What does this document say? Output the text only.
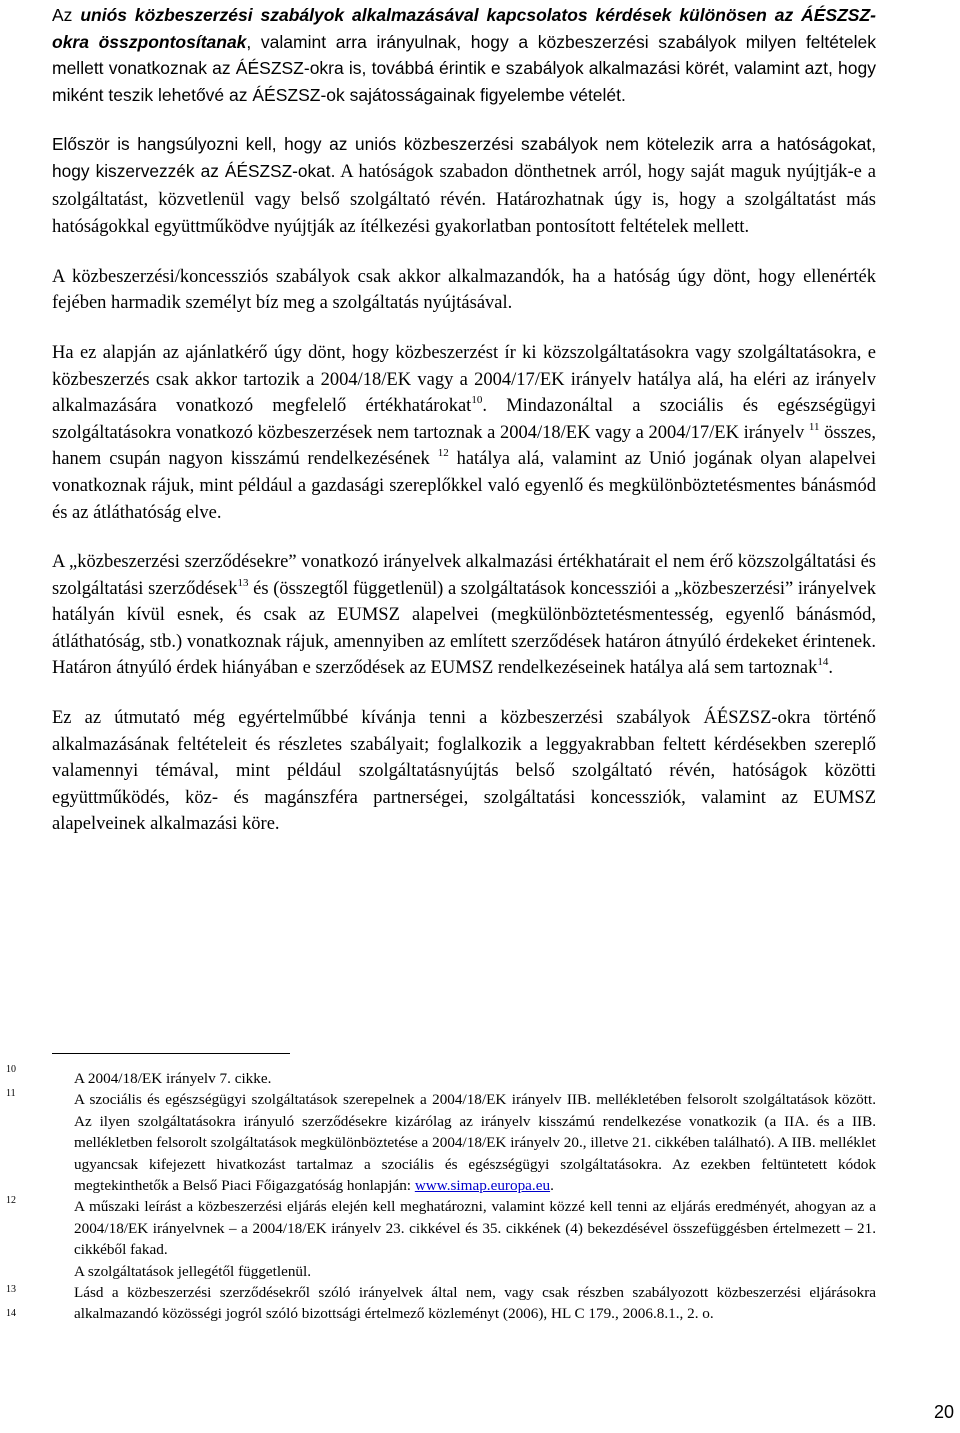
Az uniós közbeszerzési szabályok alkalmazásával kapcsolatos kérdések különösen az ÁÉSZSZ-okra összpontosítanak, valamint arra irányulnak, hogy a közbeszerzési szabályok milyen feltételek mellett vonatkoznak az ÁÉSZSZ-okra is, továbbá érintik e szabályok alkalmazási körét, valamint azt, hogy miként teszik lehetővé az ÁÉSZSZ-ok sajátosságainak figyelembe vételét.

Először is hangsúlyozni kell, hogy az uniós közbeszerzési szabályok nem kötelezik arra a hatóságokat, hogy kiszervezzék az ÁÉSZSZ-okat. A hatóságok szabadon dönthetnek arról, hogy saját maguk nyújtják-e a szolgáltatást, közvetlenül vagy belső szolgáltató révén. Határozhatnak úgy is, hogy a szolgáltatást más hatóságokkal együttműködve nyújtják az ítélkezési gyakorlatban pontosított feltételek mellett.

A közbeszerzési/koncessziós szabályok csak akkor alkalmazandók, ha a hatóság úgy dönt, hogy ellenérték fejében harmadik személyt bíz meg a szolgáltatás nyújtásával.

Ha ez alapján az ajánlatkérő úgy dönt, hogy közbeszerzést ír ki közszolgáltatásokra vagy szolgáltatásokra, e közbeszerzés csak akkor tartozik a 2004/18/EK vagy a 2004/17/EK irányelv hatálya alá, ha eléri az irányelv alkalmazására vonatkozó megfelelő értékhatárokat$^{10}$. Mindazonáltal a szociális és egészségügyi szolgáltatásokra vonatkozó közbeszerzések nem tartoznak a 2004/18/EK vagy a 2004/17/EK irányelv $^{11}$ összes, hanem csupán nagyon kisszámú rendelkezésének $^{12}$ hatálya alá, valamint az Unió jogának olyan alapelvei vonatkoznak rájuk, mint például a gazdasági szereplőkkel való egyenlő és megkülönböztetésmentes bánásmód és az átláthatóság elve.

A „közbeszerzési szerződésekre” vonatkozó irányelvek alkalmazási értékhatárait el nem érő közszolgáltatási és szolgáltatási szerződések$^{13}$ és (összegtől függetlenül) a szolgáltatások koncessziói a „közbeszerzési” irányelvek hatályán kívül esnek, és csak az EUMSZ alapelvei (megkülönböztetésmentesség, egyenlő bánásmód, átláthatóság, stb.) vonatkoznak rájuk, amennyiben az említett szerződések határon átnyúló érdekeket érintenek. Határon átnyúló érdek hiányában e szerződések az EUMSZ rendelkezéseinek hatálya alá sem tartoznak$^{14}$.

Ez az útmutató még egyértelműbbé kívánja tenni a közbeszerzési szabályok ÁÉSZSZ-okra történő alkalmazásának feltételeit és részletes szabályait; foglalkozik a leggyakrabban feltett kérdésekben szereplő valamennyi témával, mint például szolgáltatásnyújtás belső szolgáltató révén, hatóságok közötti együttműködés, köz- és magánszféra partnerségei, szolgáltatási koncessziók, valamint az EUMSZ alapelveinek alkalmazási köre.

10
11
12
13
14

A 2004/18/EK irányelv 7. cikke.

A szociális és egészségügyi szolgáltatások szerepelnek a 2004/18/EK irányelv IIB. mellékletében felsorolt szolgáltatások között. Az ilyen szolgáltatásokra irányuló szerződésekre kizárólag az irányelv kisszámú rendelkezése vonatkozik (a IIA. és a IIB. mellékletben felsorolt szolgáltatások megkülönböztetése a 2004/18/EK irányelv 20., illetve 21. cikkében található). A IIB. melléklet ugyancsak kifejezett hivatkozást tartalmaz a szociális és egészségügyi szolgáltatásokra. Az ezekben feltüntetett kódok megtekinthetők a Belső Piaci Főigazgatóság honlapján: www.simap.europa.eu.

A műszaki leírást a közbeszerzési eljárás elején kell meghatározni, valamint közzé kell tenni az eljárás eredményét, ahogyan az a 2004/18/EK irányelvnek – a 2004/18/EK irányelv 23. cikkével és 35. cikkének (4) bekezdésével összefüggésben értelmezett – 21. cikkéből fakad.

A szolgáltatások jellegétől függetlenül.

Lásd a közbeszerzési szerződésekről szóló irányelvek által nem, vagy csak részben szabályozott közbeszerzési eljárásokra alkalmazandó közösségi jogról szóló bizottsági értelmező közleményt (2006), HL C 179., 2006.8.1., 2. o.

20
